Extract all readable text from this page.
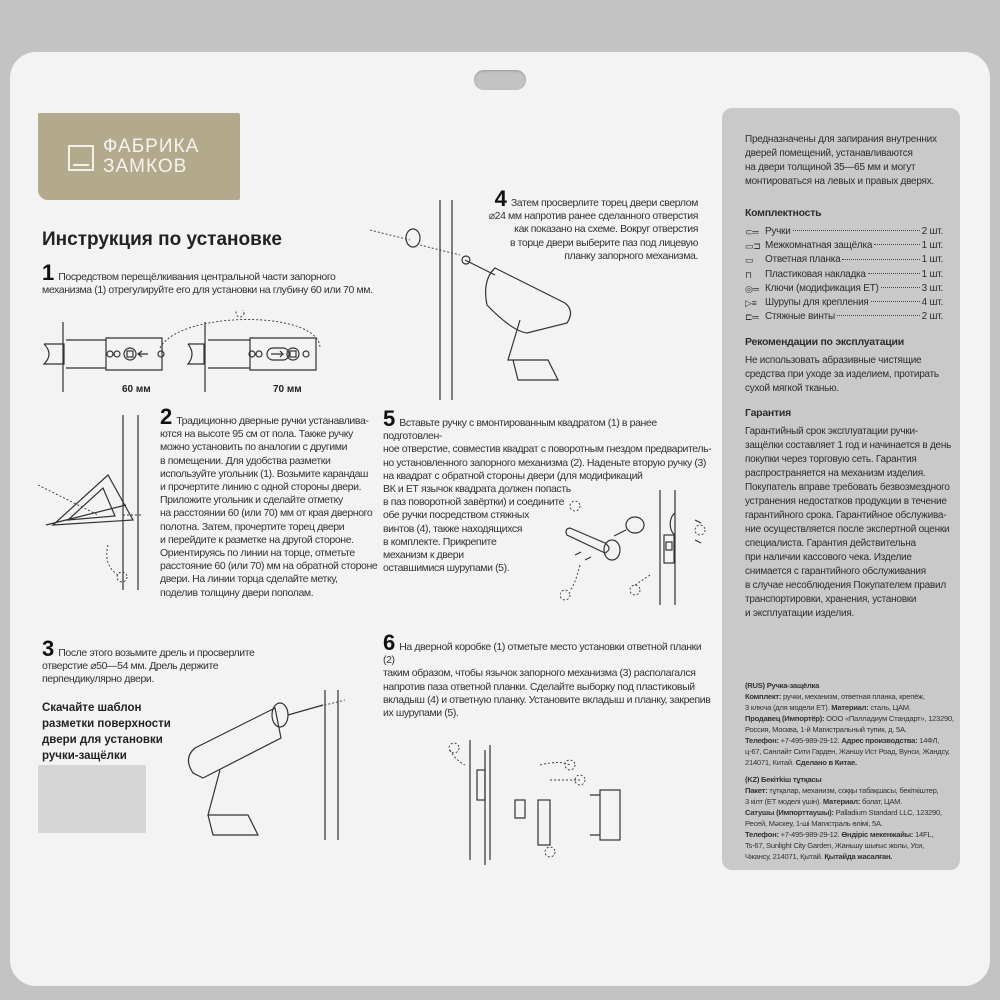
ФАБРИКА
ЗАМКОВ
Инструкция по установке
1 Посредством перещёлкивания центральной части запорного
механизма (1) отрегулируйте его для установки на глубину 60 или 70 мм.
2 Традиционно дверные ручки устанавлива-
ются на высоте 95 см от пола. Также ручку
можно установить по аналогии с другими
в помещении. Для удобства разметки
используйте угольник (1). Возьмите карандаш
и прочертите линию с одной стороны двери.
Приложите угольник и сделайте отметку
на расстоянии 60 (или 70) мм от края дверного
полотна. Затем, прочертите торец двери
и перейдите к разметке на другой стороне.
Ориентируясь по линии на торце, отметьте
расстояние 60 (или 70) мм на обратной стороне
двери. На линии торца сделайте метку,
поделив толщину двери пополам.
3 После этого возьмите дрель и просверлите
отверстие ⌀50—54 мм. Дрель держите
перпендикулярно двери.
4 Затем просверлите торец двери сверлом
⌀24 мм напротив ранее сделанного отверстия
как показано на схеме. Вокруг отверстия
в торце двери выберите паз под лицевую
планку запорного механизма.
5 Вставьте ручку с вмонтированным квадратом (1) в ранее подготовлен-
ное отверстие, совместив квадрат с поворотным гнездом предваритель-
но установленного запорного механизма (2). Наденьте вторую ручку (3)
на квадрат с обратной стороны двери (для модификаций
ВК и ЕТ язычок квадрата должен попасть
в паз поворотной завёртки) и соедините
обе ручки посредством стяжных
винтов (4), также находящихся
в комплекте. Прикрепите
механизм к двери
оставшимися шурупами (5).
6 На дверной коробке (1) отметьте место установки ответной планки (2)
таким образом, чтобы язычок запорного механизма (3) располагался
напротив паза ответной планки. Сделайте выборку под пластиковый
вкладыш (4) и ответную планку. Установите вкладыш и планку, закрепив
их шурупами (5).
Скачайте шаблон
разметки поверхности
двери для установки
ручки-защёлки
60 мм	70 мм
Предназначены для запирания внутренних
дверей помещений, устанавливаются
на двери толщиной 35—65 мм и могут
монтироваться на левых и правых дверях.
Комплектность
⊂═ Ручки	2 шт.
▭⊐ Межкомнатная защёлка	1 шт.
▭	Ответная планка	1 шт.
⊓	Пластиковая накладка	1 шт.
◎═ Ключи (модификация ЕТ)	3 шт.
▷≡ Шурупы для крепления	4 шт.
⊏═ Стяжные винты	2 шт.
Рекомендации по эксплуатации
Не использовать абразивные чистящие
средства при уходе за изделием, протирать
сухой мягкой тканью.
Гарантия
Гарантийный срок эксплуатации ручки-
защёлки составляет 1 год и начинается в день
покупки через торговую сеть. Гарантия
распространяется на механизм изделия.
Покупатель вправе требовать безвозмездного
устранения недостатков продукции в течение
гарантийного срока. Гарантийное обслужива-
ние осуществляется после экспертной оценки
специалиста. Гарантия действительна
при наличии кассового чека. Изделие
снимается с гарантийного обслуживания
в случае несоблюдения Покупателем правил
транспортировки, хранения, установки
и эксплуатации изделия.
(RUS) Ручка-защёлка
Комплект: ручки, механизм, ответная планка, крепёж,
3 ключа (для модели ЕТ). Материал: сталь, ЦАМ.
Продавец (Импортёр): ООО «Палладиум Стандарт», 123290,
Россия, Москва, 1-й Магистральный тупик, д. 5А.
Телефон: +7-495-989-29-12. Адрес производства: 14ФЛ,
ц-67, Санлайт Сити Гарден, Жаншу Ист Роад, Вунси, Жандсу,
214071, Китай. Сделано в Китае.
(KZ) Бекітkіш тұтқасы
Пакет: тұтқалар, механизм, соққы табақшасы, бекіткіштер,
3 кілт (ЕТ моделі үшін). Материал: болат, ЦАМ.
Сатушы (Импорттаушы): Palladium Standard LLC, 123290,
Ресей, Мәскеу, 1-ші Магистраль өлімі, 5А.
Телефон: +7-495-989-29-12. Өндіріс мекенжайы: 14FL,
Ts-67, Sunlight City Garden, Жаньшу шығыс жолы, Уси,
Чжансу, 214071, Қытай. Қытайда жасалған.
